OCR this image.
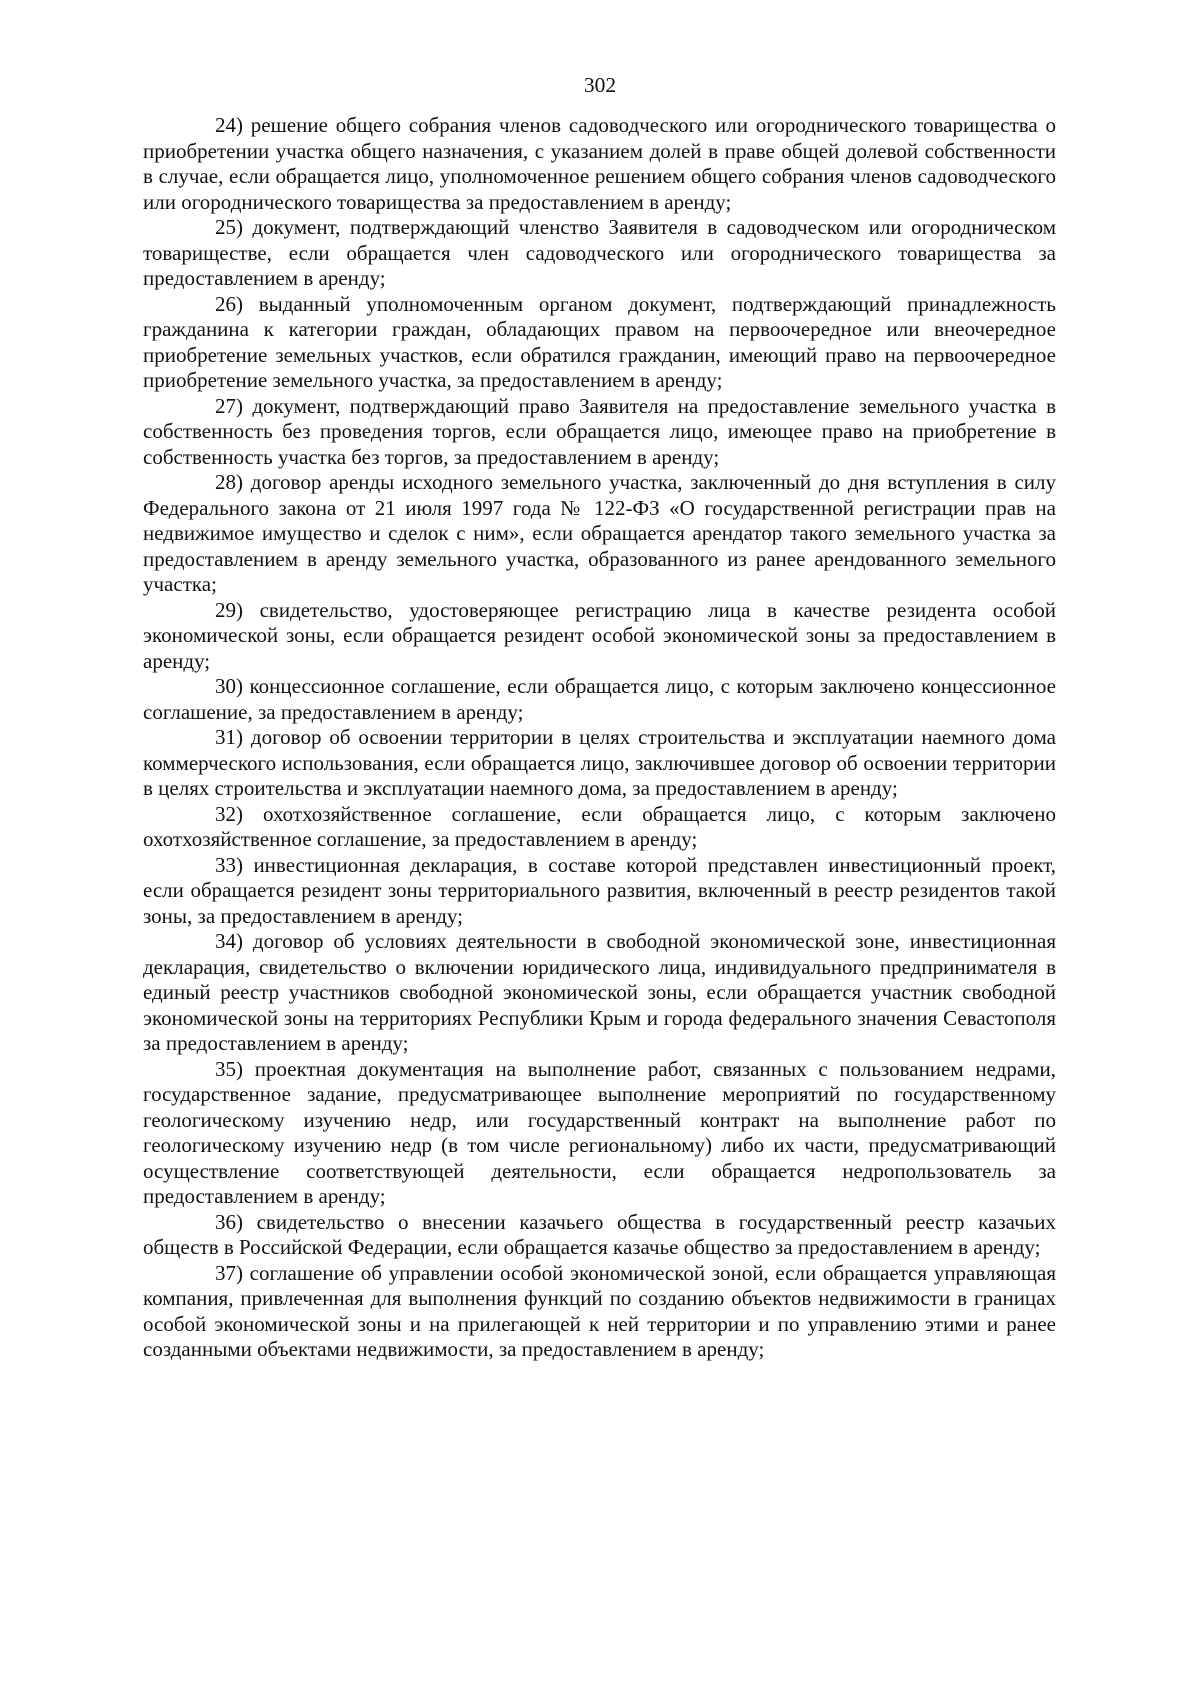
302

24) решение общего собрания членов садоводческого или огороднического товарищества о приобретении участка общего назначения, с указанием долей в праве общей долевой собственности в случае, если обращается лицо, уполномоченное решением общего собрания членов садоводческого или огороднического товарищества за предоставлением в аренду;

25) документ, подтверждающий членство Заявителя в садоводческом или огородническом товариществе, если обращается член садоводческого или огороднического товарищества за предоставлением в аренду;

26) выданный уполномоченным органом документ, подтверждающий принадлежность гражданина к категории граждан, обладающих правом на первоочередное или внеочередное приобретение земельных участков, если обратился гражданин, имеющий право на первоочередное приобретение земельного участка, за предоставлением в аренду;

27) документ, подтверждающий право Заявителя на предоставление земельного участка в собственность без проведения торгов, если обращается лицо, имеющее право на приобретение в собственность участка без торгов, за предоставлением в аренду;

28) договор аренды исходного земельного участка, заключенный до дня вступления в силу Федерального закона от 21 июля 1997 года № 122-ФЗ «О государственной регистрации прав на недвижимое имущество и сделок с ним», если обращается арендатор такого земельного участка за предоставлением в аренду земельного участка, образованного из ранее арендованного земельного участка;

29) свидетельство, удостоверяющее регистрацию лица в качестве резидента особой экономической зоны, если обращается резидент особой экономической зоны за предоставлением в аренду;

30) концессионное соглашение, если обращается лицо, с которым заключено концессионное соглашение, за предоставлением в аренду;

31) договор об освоении территории в целях строительства и эксплуатации наемного дома коммерческого использования, если обращается лицо, заключившее договор об освоении территории в целях строительства и эксплуатации наемного дома, за предоставлением в аренду;

32) охотхозяйственное соглашение, если обращается лицо, с которым заключено охотхозяйственное соглашение, за предоставлением в аренду;

33) инвестиционная декларация, в составе которой представлен инвестиционный проект, если обращается резидент зоны территориального развития, включенный в реестр резидентов такой зоны, за предоставлением в аренду;

34) договор об условиях деятельности в свободной экономической зоне, инвестиционная декларация, свидетельство о включении юридического лица, индивидуального предпринимателя в единый реестр участников свободной экономической зоны, если обращается участник свободной экономической зоны на территориях Республики Крым и города федерального значения Севастополя за предоставлением в аренду;

35) проектная документация на выполнение работ, связанных с пользованием недрами, государственное задание, предусматривающее выполнение мероприятий по государственному геологическому изучению недр, или государственный контракт на выполнение работ по геологическому изучению недр (в том числе региональному) либо их части, предусматривающий осуществление соответствующей деятельности, если обращается недропользователь за предоставлением в аренду;

36) свидетельство о внесении казачьего общества в государственный реестр казачьих обществ в Российской Федерации, если обращается казачье общество за предоставлением в аренду;

37) соглашение об управлении особой экономической зоной, если обращается управляющая компания, привлеченная для выполнения функций по созданию объектов недвижимости в границах особой экономической зоны и на прилегающей к ней территории и по управлению этими и ранее созданными объектами недвижимости, за предоставлением в аренду;
